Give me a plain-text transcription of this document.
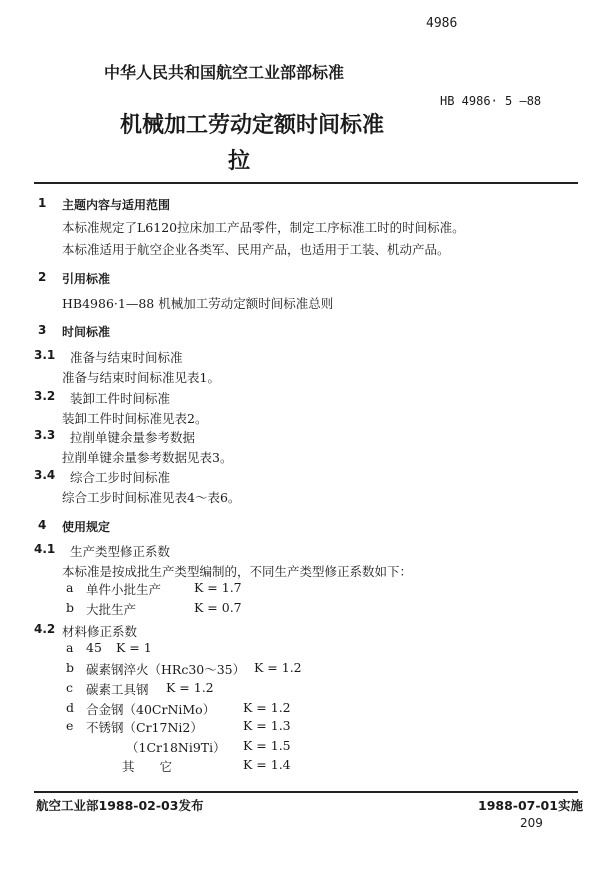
4986
中华人民共和国航空工业部部标准
HB 4986· 5 —88
机械加工劳动定额时间标准
拉
1 主题内容与适用范围
本标准规定了L6120拉床加工产品零件，制定工序标准工时的时间标准。
本标准适用于航空企业各类军、民用产品，也适用于工装、机动产品。
2 引用标准
HB4986·1—88 机械加工劳动定额时间标准总则
3 时间标准
3.1 准备与结束时间标准
准备与结束时间标准见表1。
3.2 装卸工件时间标准
装卸工件时间标准见表2。
3.3 拉削单键余量参考数据
拉削单键余量参考数据见表3。
3.4 综合工步时间标准
综合工步时间标准见表4～表6。
4 使用规定
4.1 生产类型修正系数
本标准是按成批生产类型编制的，不同生产类型修正系数如下：
a 单件小批生产	K = 1.7
b 大批生产	K = 0.7
4.2 材料修正系数
a 45 K = 1
b 碳素钢淬火（HRc30～35） K = 1.2
c 碳素工具钢 K = 1.2
d 合金钢（40CrNiMo） K = 1.2
e 不锈钢（Cr17Ni2）	K = 1.3
（1Cr18Ni9Ti） K = 1.5
其　　它	K = 1.4
航空工业部1988-02-03发布	1988-07-01实施
209
